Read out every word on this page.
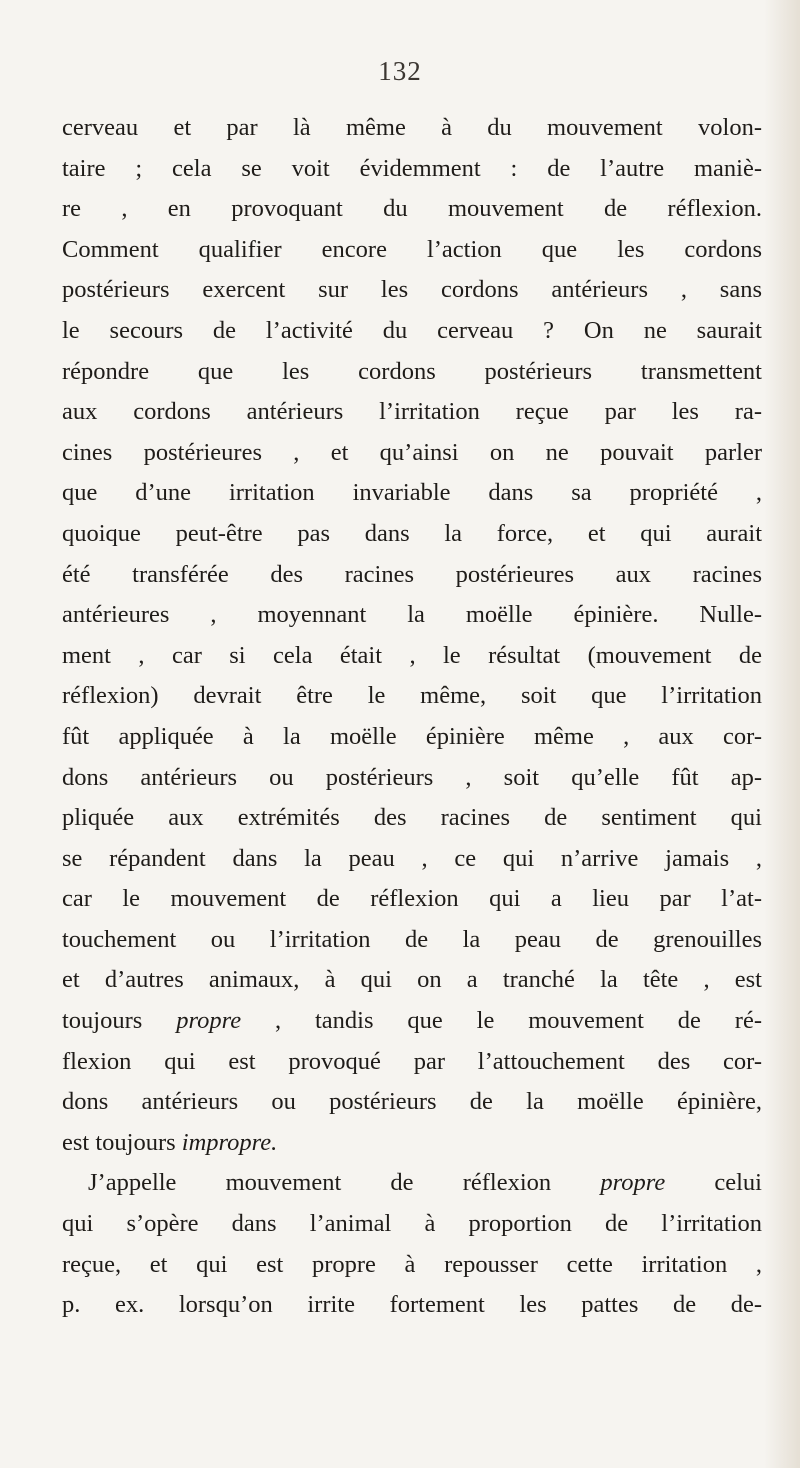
132
cerveau et par là même à du mouvement volon-
taire ; cela se voit évidemment : de l’autre maniè-
re , en provoquant du mouvement de réflexion.
Comment qualifier encore l’action que les cordons
postérieurs exercent sur les cordons antérieurs , sans
le secours de l’activité du cerveau ? On ne saurait
répondre que les cordons postérieurs transmettent
aux cordons antérieurs l’irritation reçue par les ra-
cines postérieures , et qu’ainsi on ne pouvait parler
que d’une irritation invariable dans sa propriété ,
quoique peut-être pas dans la force, et qui aurait
été transférée des racines postérieures aux racines
antérieures , moyennant la moëlle épinière. Nulle-
ment , car si cela était , le résultat (mouvement de
réflexion) devrait être le même, soit que l’irritation
fût appliquée à la moëlle épinière même , aux cor-
dons antérieurs ou postérieurs , soit qu’elle fût ap-
pliquée aux extrémités des racines de sentiment qui
se répandent dans la peau , ce qui n’arrive jamais ,
car le mouvement de réflexion qui a lieu par l’at-
touchement ou l’irritation de la peau de grenouilles
et d’autres animaux, à qui on a tranché la tête , est
toujours propre , tandis que le mouvement de ré-
flexion qui est provoqué par l’attouchement des cor-
dons antérieurs ou postérieurs de la moëlle épinière,
est toujours impropre.
J’appelle mouvement de réflexion propre celui
qui s’opère dans l’animal à proportion de l’irritation
reçue, et qui est propre à repousser cette irritation ,
p. ex. lorsqu’on irrite fortement les pattes de de-
